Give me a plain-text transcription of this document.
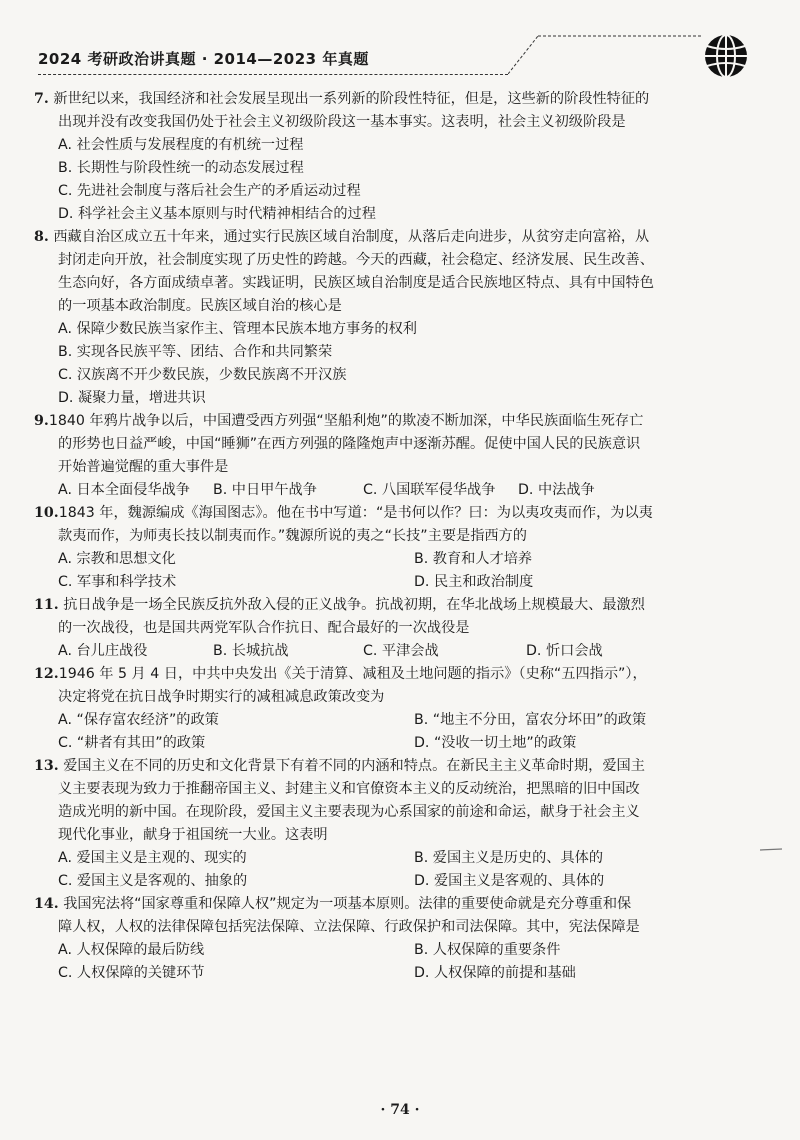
2024 考研政治讲真题 · 2014—2023 年真题
7. 新世纪以来，我国经济和社会发展呈现出一系列新的阶段性特征，但是，这些新的阶段性特征的
出现并没有改变我国仍处于社会主义初级阶段这一基本事实。这表明，社会主义初级阶段是
A. 社会性质与发展程度的有机统一过程
B. 长期性与阶段性统一的动态发展过程
C. 先进社会制度与落后社会生产的矛盾运动过程
D. 科学社会主义基本原则与时代精神相结合的过程
8. 西藏自治区成立五十年来，通过实行民族区域自治制度，从落后走向进步，从贫穷走向富裕，从
封闭走向开放，社会制度实现了历史性的跨越。今天的西藏，社会稳定、经济发展、民生改善、
生态向好，各方面成绩卓著。实践证明，民族区域自治制度是适合民族地区特点、具有中国特色
的一项基本政治制度。民族区域自治的核心是
A. 保障少数民族当家作主、管理本民族本地方事务的权利
B. 实现各民族平等、团结、合作和共同繁荣
C. 汉族离不开少数民族，少数民族离不开汉族
D. 凝聚力量，增进共识
9.1840 年鸦片战争以后，中国遭受西方列强“坚船利炮”的欺凌不断加深，中华民族面临生死存亡
的形势也日益严峻，中国“睡狮”在西方列强的隆隆炮声中逐渐苏醒。促使中国人民的民族意识
开始普遍觉醒的重大事件是
A. 日本全面侵华战争	B. 中日甲午战争	C. 八国联军侵华战争	D. 中法战争
10.1843 年，魏源编成《海国图志》。他在书中写道：“是书何以作？曰：为以夷攻夷而作，为以夷
款夷而作，为师夷长技以制夷而作。”魏源所说的夷之“长技”主要是指西方的
A. 宗教和思想文化	B. 教育和人才培养
C. 军事和科学技术	D. 民主和政治制度
11. 抗日战争是一场全民族反抗外敌入侵的正义战争。抗战初期，在华北战场上规模最大、最激烈
的一次战役，也是国共两党军队合作抗日、配合最好的一次战役是
A. 台儿庄战役	B. 长城抗战	C. 平津会战	D. 忻口会战
12.1946 年 5 月 4 日，中共中央发出《关于清算、减租及土地问题的指示》（史称“五四指示”），
决定将党在抗日战争时期实行的减租减息政策改变为
A. “保存富农经济”的政策	B. “地主不分田，富农分坏田”的政策
C. “耕者有其田”的政策	D. “没收一切土地”的政策
13. 爱国主义在不同的历史和文化背景下有着不同的内涵和特点。在新民主主义革命时期，爱国主
义主要表现为致力于推翻帝国主义、封建主义和官僚资本主义的反动统治，把黑暗的旧中国改
造成光明的新中国。在现阶段，爱国主义主要表现为心系国家的前途和命运，献身于社会主义
现代化事业，献身于祖国统一大业。这表明
A. 爱国主义是主观的、现实的	B. 爱国主义是历史的、具体的
C. 爱国主义是客观的、抽象的	D. 爱国主义是客观的、具体的
14. 我国宪法将“国家尊重和保障人权”规定为一项基本原则。法律的重要使命就是充分尊重和保
障人权，人权的法律保障包括宪法保障、立法保障、行政保护和司法保障。其中，宪法保障是
A. 人权保障的最后防线	B. 人权保障的重要条件
C. 人权保障的关键环节	D. 人权保障的前提和基础
· 74 ·
